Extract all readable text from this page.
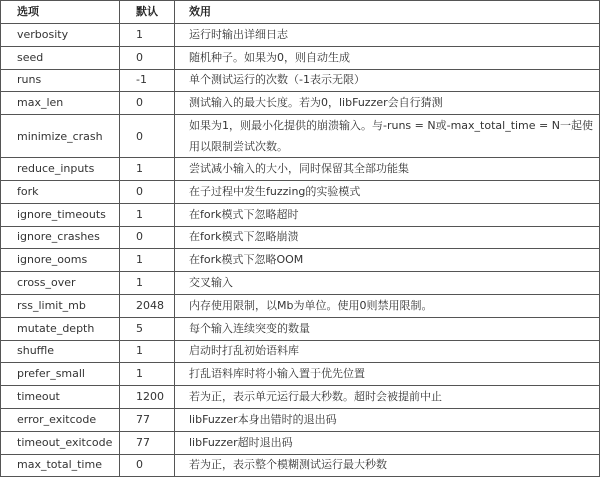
选项	默认	效用
verbosity	1	运行时输出详细日志
seed	0	随机种子。如果为0，则自动生成
runs	-1	单个测试运行的次数（-1表示无限）
max_len	0	测试输入的最大长度。若为0，libFuzzer会自行猜测
minimize_crash	0	如果为1，则最小化提供的崩溃输入。与-runs = N或-max_total_time = N一起使用以限制尝试次数。
reduce_inputs	1	尝试减小输入的大小，同时保留其全部功能集
fork	0	在子过程中发生fuzzing的实验模式
ignore_timeouts	1	在fork模式下忽略超时
ignore_crashes	0	在fork模式下忽略崩溃
ignore_ooms	1	在fork模式下忽略OOM
cross_over	1	交叉输入
rss_limit_mb	2048	内存使用限制，以Mb为单位。使用0则禁用限制。
mutate_depth	5	每个输入连续突变的数量
shuffle	1	启动时打乱初始语料库
prefer_small	1	打乱语料库时将小输入置于优先位置
timeout	1200	若为正，表示单元运行最大秒数。超时会被提前中止
error_exitcode	77	libFuzzer本身出错时的退出码
timeout_exitcode	77	libFuzzer超时退出码
max_total_time	0	若为正，表示整个模糊测试运行最大秒数
